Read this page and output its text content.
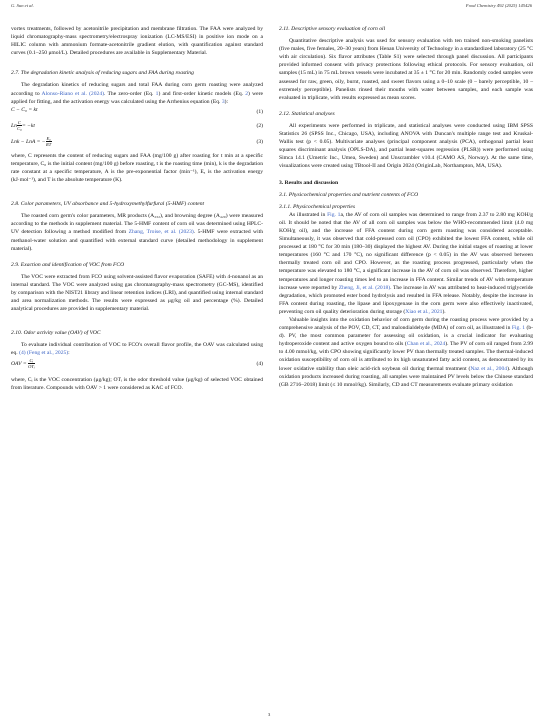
G. Sun et al.	Food Chemistry 492 (2025) 145426

vortex treatments, followed by acetonitrile precipitation and membrane filtration. The FAA were analyzed by liquid chromatography-mass spectrometry/electrospray ionization (LC-MS/ESI) in positive ion mode on a HILIC column with ammonium formate-acetonitrile gradient elution, with quantification against standard curves (0.1–250 μmol/L). Detailed procedures are available in Supplementary Material.

2.7. The degradation kinetic analysis of reducing sugars and FAA during roasting

The degradation kinetics of reducing sugars and total FAA during corn germ roasting were analyzed according to Alonso-Riano et al. (2024). The zero-order (Eq. 1) and first-order kinetic models (Eq. 2) were applied for fitting, and the activation energy was calculated using the Arrhenius equation (Eq. 3):

C − C₀ = kt	(1)
Ln $\frac{C}{\text{C₀}} = -kt$	(2)
Lnk − LnA = − $\frac{\text{Eₐ}}{RT}$	(3)

where, C represents the content of reducing sugars and FAA (mg/100 g) after roasting for t min at a specific temperature, C₀ is the initial content (mg/100 g) before roasting, t is the roasting time (min), k is the degradation rate constant at a specific temperature, A is the pre-exponential factor (min⁻¹), Eₐ is the activation energy (kJ·mol⁻¹), and T is the absolute temperature (K).

2.8. Color parameters, UV absorbance and 5-hydroxymethylfurfural (5-HMF) content

The roasted corn germ's color parameters, MR products (A₂₃₂), and browning degree (A₄₂₀) were measured according to the methods in supplement material. The 5-HMF content of corn oil was determined using HPLC-UV detection following a method modified from Zhang, Troise, et al. (2023). 5-HMF were extracted with methanol-water solution and quantified with external standard curve (detailed methodology in supplement material).

2.9. Exaction and identification of VOC from FCO

The VOC were extracted from FCO using solvent-assisted flavor evaporation (SAFE) with 4-nonanol as an internal standard. The VOC were analyzed using gas chromatography-mass spectrometry (GC-MS), identified by comparison with the NIST21 library and linear retention indices (LRI), and quantified using internal standard and area normalization methods. The results were expressed as μg/kg oil and percentage (%). Detailed analytical procedures are provided in supplementary material.

2.10. Odor activity value (OAV) of VOC

To evaluate individual contribution of VOC to FCO's overall flavor profile, the OAV was calculated using eq. (4) (Feng et al., 2025):

OAV = $\frac{\text{Cᵢ}}{\text{OTᵢ}}$	(4)

where, Cᵢ is the VOC concentration (μg/kg); OTᵢ is the odor threshold value (μg/kg) of selected VOC obtained from literature. Compounds with OAV > 1 were considered as KAC of FCO.

2.11. Descriptive sensory evaluation of corn oil

Quantitative descriptive analysis was used for sensory evaluation with ten trained non-smoking panelists (five males, five females, 20–30 years) from Henan University of Technology in a standardized laboratory (25 °C with air circulation). Six flavor attributes (Table S1) were selected through panel discussion. All participants provided informed consent with privacy protections following ethical protocols. For sensory evaluation, oil samples (15 mL) in 75 mL brown vessels were incubated at 35 ± 1 °C for 20 min. Randomly coded samples were assessed for raw, green, oily, burnt, roasted, and sweet flavors using a 0–10 scale (0 – barely perceptible, 10 – extremely perceptible). Panelists rinsed their mouths with water between samples, and each sample was evaluated in triplicate, with results expressed as mean scores.

2.12. Statistical analyses

All experiments were performed in triplicate, and statistical analyses were conducted using IBM SPSS Statistics 26 (SPSS Inc., Chicago, USA), including ANOVA with Duncan's multiple range test and Kruskal-Wallis test (p < 0.05). Multivariate analyses (principal component analysis (PCA), orthogonal partial least squares discriminant analysis (OPLS-DA), and partial least-squares regression (PLSR)) were performed using Simca 14.1 (Umetric Inc., Umea, Sweden) and Unscrambler v10.4 (CAMO AS, Norway). At the same time, visualizations were created using TBtool-II and Origin 2024 (OriginLab, Northampton, MA, USA).

3. Results and discussion

3.1. Physicochemical properties and nutrient contents of FCO

3.1.1. Physicochemical properties

As illustrated in Fig. 1a, the AV of corn oil samples was determined to range from 2.37 to 2.80 mg KOH/g oil. It should be noted that the AV of all corn oil samples was below the WHO-recommended limit (4.0 mg KOH/g oil), and the increase of FFA content during corn germ roasting was considered acceptable. Simultaneously, it was observed that cold-pressed corn oil (CPO) exhibited the lowest FFA content, while oil processed at 180 °C for 30 min (180–30) displayed the highest AV. During the initial stages of roasting at lower temperatures (160 °C and 170 °C), no significant difference (p < 0.05) in the AV was observed between thermally treated corn oil and CPO. However, as the roasting process progressed, particularly when the temperature was elevated to 180 °C, a significant increase in the AV of corn oil was observed. Therefore, higher temperatures and longer roasting times led to an increase in FFA content. Similar trends of AV with temperature increase were reported by Zheng, Ji, et al. (2018). The increase in AV was attributed to heat-induced triglyceride degradation, which promoted ester bond hydrolysis and resulted in FFA release. Notably, despite the increase in FFA content during roasting, the lipase and lipoxygenase in the corn germ were also effectively inactivated, preventing corn oil quality deterioration during storage (Xiao et al., 2021).

Valuable insights into the oxidation behavior of corn germ during the roasting process were provided by a comprehensive analysis of the POV, CD, CT, and malondialdehyde (MDA) of corn oil, as illustrated in Fig. 1 (b-d). PV, the most common parameter for assessing oil oxidation, is a crucial indicator for evaluating hydroperoxide content and active oxygen bound to oils (Chan et al., 2024). The PV of corn oil ranged from 2.99 to 4.00 mmol/kg, with CPO showing significantly lower PV than thermally treated samples. The thermal-induced oxidation susceptibility of corn oil is attributed to its high unsaturated fatty acid content, as demonstrated by its lower oxidative stability than oleic acid-rich soybean oil during thermal treatment (Naz et al., 2004). Although oxidation products increased during roasting, all samples were maintained PV levels below the Chinese standard (GB 2716–2018) limit (≤ 10 mmol/kg). Similarly, CD and CT measurements evaluate primary oxidation

3
